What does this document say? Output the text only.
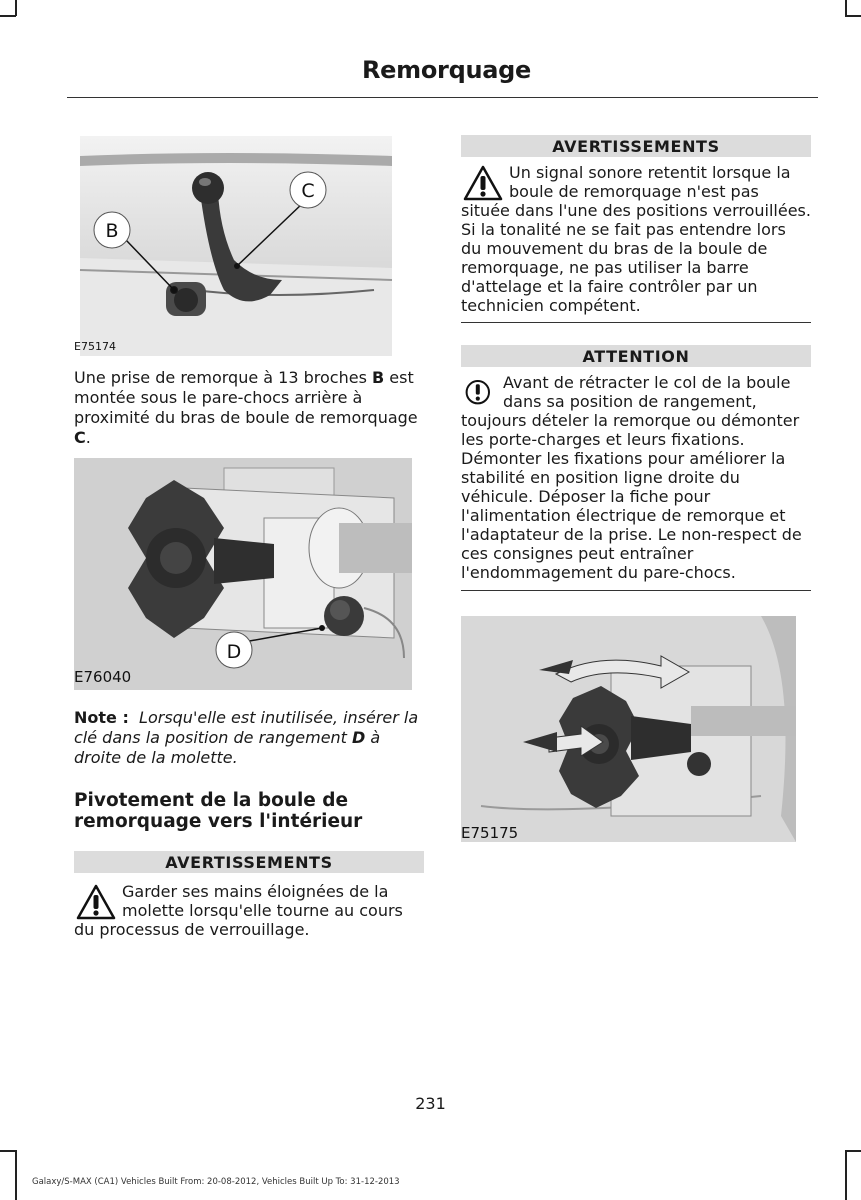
Remorquage
B
C
E75174

Une prise de remorque à 13 broches B est montée sous le pare-chocs arrière à proximité du bras de boule de remorquage C.

D
E76040

Note : Lorsqu'elle est inutilisée, insérer la clé dans la position de rangement D à droite de la molette.

Pivotement de la boule de remorquage vers l'intérieur
AVERTISSEMENTS

Garder ses mains éloignées de la molette lorsqu'elle tourne au cours du processus de verrouillage.

AVERTISSEMENTS

Un signal sonore retentit lorsque la boule de remorquage n'est pas située dans l'une des positions verrouillées. Si la tonalité ne se fait pas entendre lors du mouvement du bras de la boule de remorquage, ne pas utiliser la barre d'attelage et la faire contrôler par un technicien compétent.

ATTENTION

Avant de rétracter le col de la boule dans sa position de rangement, toujours dételer la remorque ou démonter les porte-charges et leurs fixations. Démonter les fixations pour améliorer la stabilité en position ligne droite du véhicule. Déposer la fiche pour l'alimentation électrique de remorque et l'adaptateur de la prise. Le non-respect de ces consignes peut entraîner l'endommagement du pare-chocs.

E75175
231
Galaxy/S-MAX (CA1) Vehicles Built From: 20-08-2012, Vehicles Built Up To: 31-12-2013
